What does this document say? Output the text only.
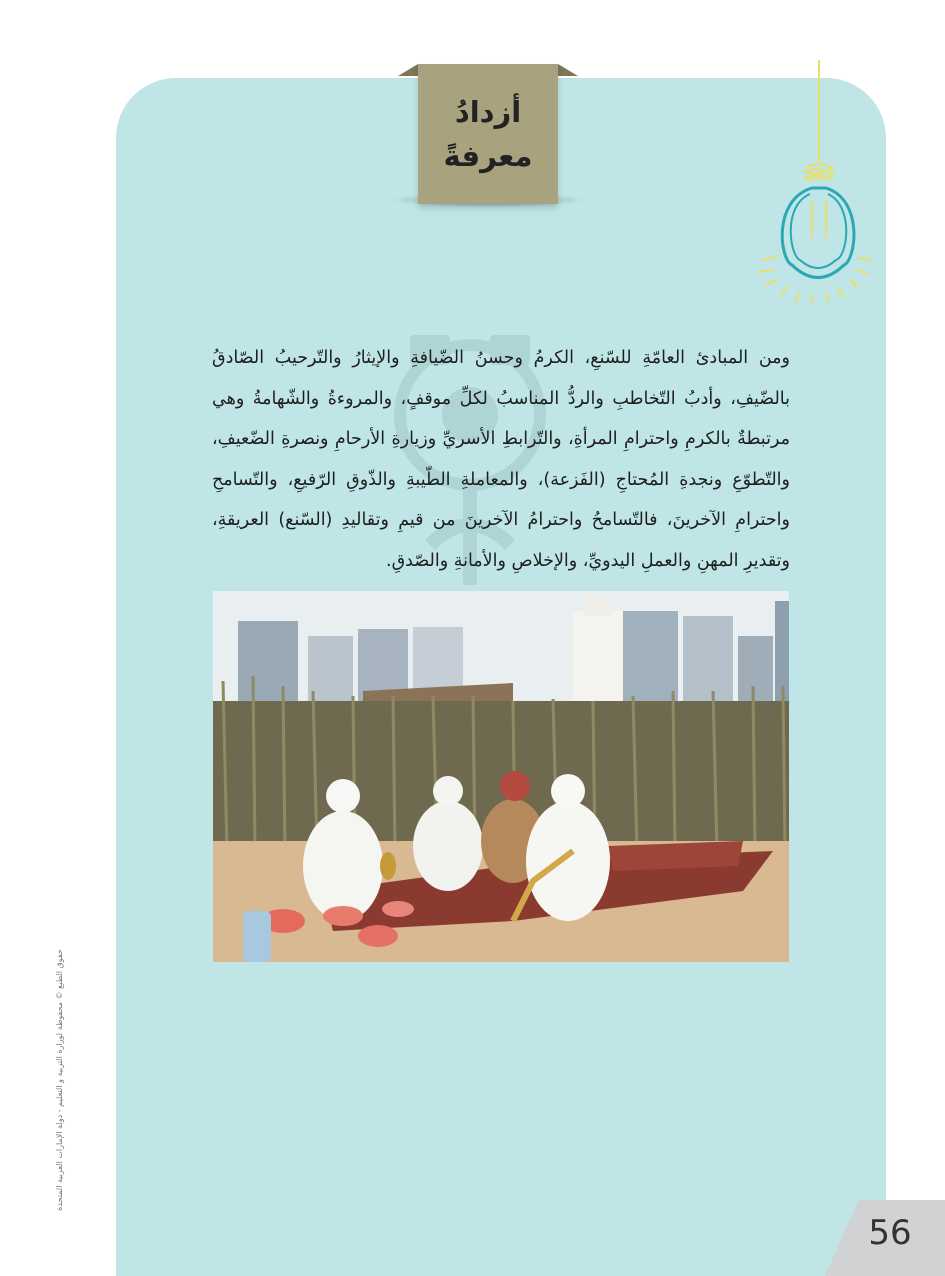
أزدادُ
معرفةً

ومن المبادئ العامّةِ للسّنعِ، الكرمُ وحسنُ الضّيافةِ والإيثارُ والتّرحيبُ الصّادقُ بالضّيفِ، وأدبُ التّخاطبِ والردُّ المناسبُ لكلِّ موقفٍ، والمروءةُ والشّهامةُ وهي مرتبطةٌ بالكرمِ واحترامِ المرأةِ، والتّرابطِ الأسريِّ وزيارةِ الأرحامِ ونصرةِ الضّعيفِ، والتّطوّعِ ونجدةِ المُحتاجِ (الفَزعة)، والمعاملةِ الطّيبةِ والذّوقِ الرّفيعِ، والتّسامحِ واحترامِ الآخرينَ، فالتّسامحُ واحترامُ الآخرينَ من قيمِ وتقاليدِ (السّنع) العريقةِ، وتقديرِ المهنِ والعملِ اليدويِّ، والإخلاصِ والأمانةِ والصّدقِ.

حقوق الطبع © محفوظة لوزارة التربية و التعليم - دولة الإمارات العربية المتحدة
56
